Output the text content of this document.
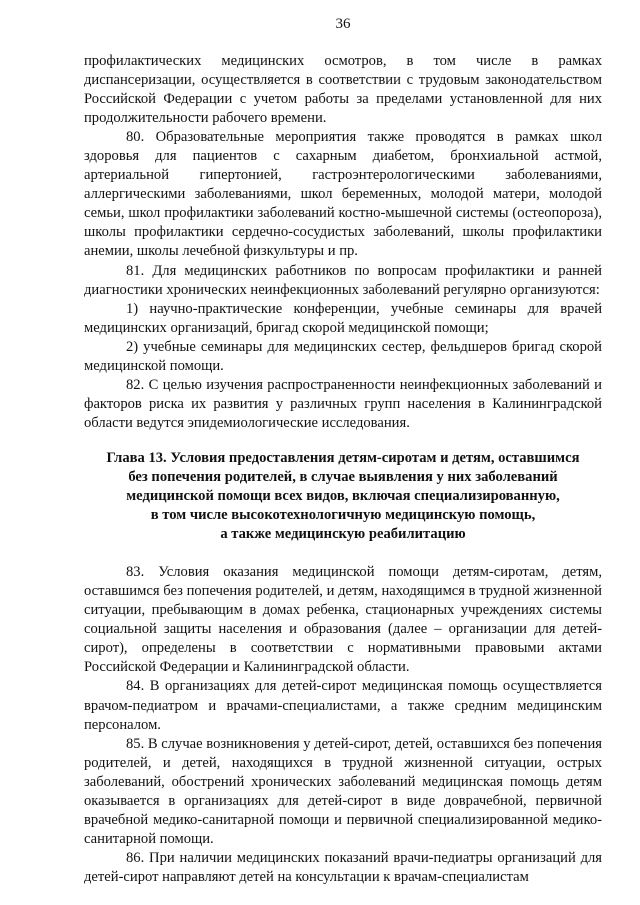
36

профилактических медицинских осмотров, в том числе в рамках диспансеризации, осуществляется в соответствии с трудовым законодательством Российской Федерации с учетом работы за пределами установленной для них продолжительности рабочего времени.

80. Образовательные мероприятия также проводятся в рамках школ здоровья для пациентов с сахарным диабетом, бронхиальной астмой, артериальной гипертонией, гастроэнтерологическими заболеваниями, аллергическими заболеваниями, школ беременных, молодой матери, молодой семьи, школ профилактики заболеваний костно-мышечной системы (остеопороза), школы профилактики сердечно-сосудистых заболеваний, школы профилактики анемии, школы лечебной физкультуры и пр.

81. Для медицинских работников по вопросам профилактики и ранней диагностики хронических неинфекционных заболеваний регулярно организуются:

1) научно-практические конференции, учебные семинары для врачей медицинских организаций, бригад скорой медицинской помощи;

2) учебные семинары для медицинских сестер, фельдшеров бригад скорой медицинской помощи.

82. С целью изучения распространенности неинфекционных заболеваний и факторов риска их развития у различных групп населения в Калининградской области ведутся эпидемиологические исследования.

Глава 13. Условия предоставления детям-сиротам и детям, оставшимся
без попечения родителей, в случае выявления у них заболеваний
медицинской помощи всех видов, включая специализированную,
в том числе высокотехнологичную медицинскую помощь,
а также медицинскую реабилитацию

83. Условия оказания медицинской помощи детям-сиротам, детям, оставшимся без попечения родителей, и детям, находящимся в трудной жизненной ситуации, пребывающим в домах ребенка, стационарных учреждениях системы социальной защиты населения и образования (далее – организации для детей-сирот), определены в соответствии с нормативными правовыми актами Российской Федерации и Калининградской области.

84. В организациях для детей-сирот медицинская помощь осуществляется врачом-педиатром и врачами-специалистами, а также средним медицинским персоналом.

85. В случае возникновения у детей-сирот, детей, оставшихся без попечения родителей, и детей, находящихся в трудной жизненной ситуации, острых заболеваний, обострений хронических заболеваний медицинская помощь детям оказывается в организациях для детей-сирот в виде доврачебной, первичной врачебной медико-санитарной помощи и первичной специализированной медико-санитарной помощи.

86. При наличии медицинских показаний врачи-педиатры организаций для детей-сирот направляют детей на консультации к врачам-специалистам
